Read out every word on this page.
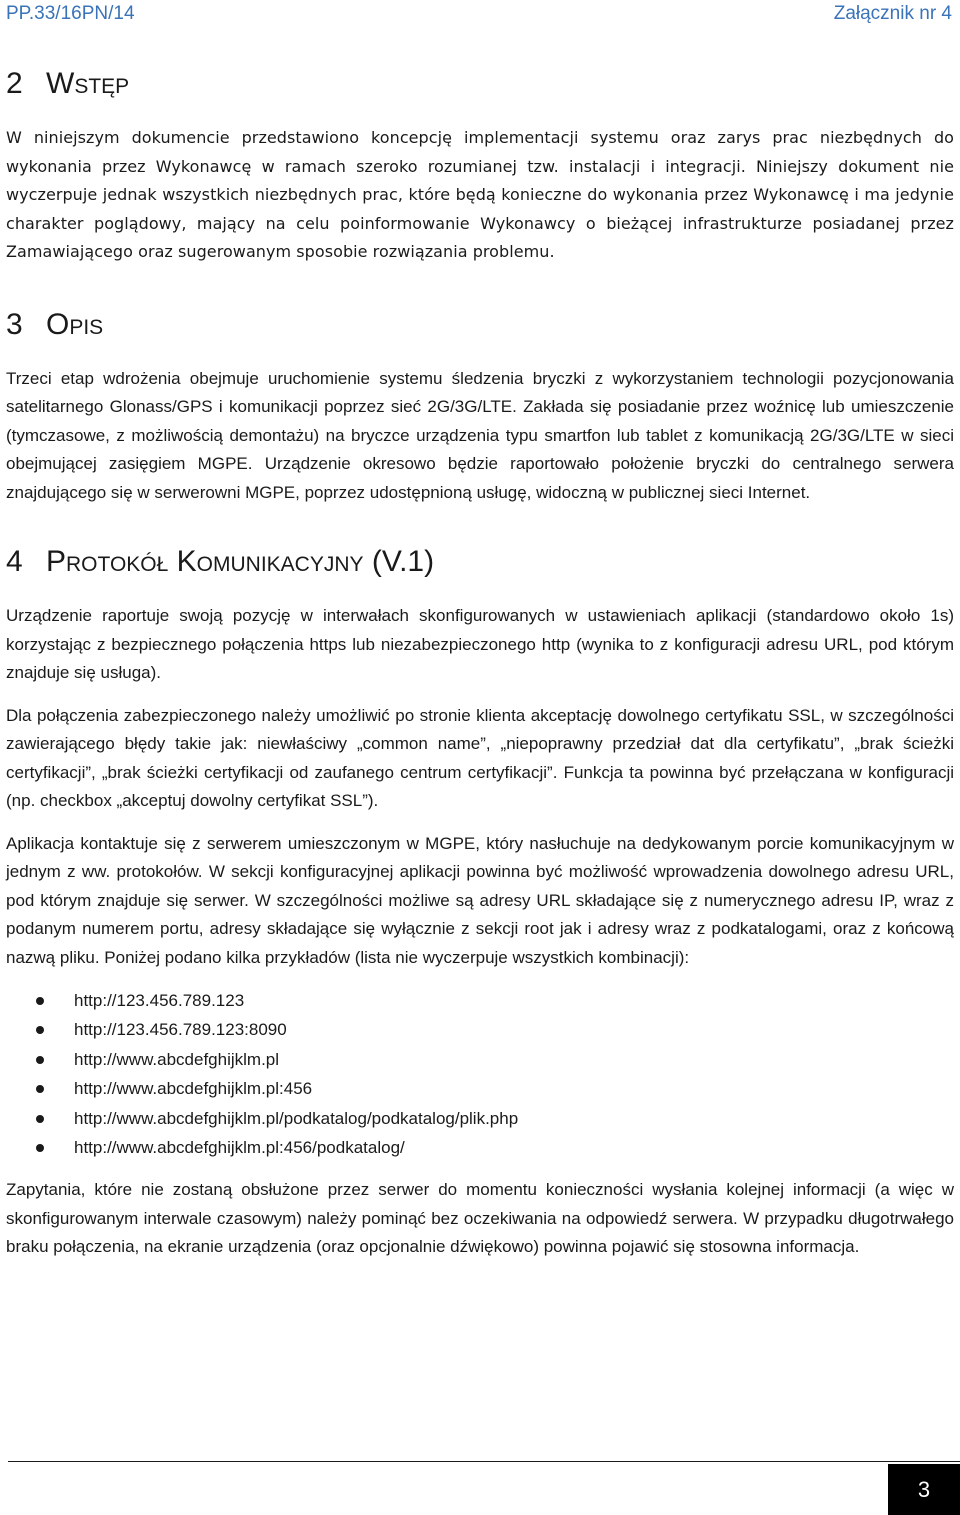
PP.33/16PN/14	Załącznik nr 4
2 Wstęp

W niniejszym dokumencie przedstawiono koncepcję implementacji systemu oraz zarys prac niezbędnych do wykonania przez Wykonawcę w ramach szeroko rozumianej tzw. instalacji i integracji. Niniejszy dokument nie wyczerpuje jednak wszystkich niezbędnych prac, które będą konieczne do wykonania przez Wykonawcę i ma jedynie charakter poglądowy, mający na celu poinformowanie Wykonawcy o bieżącej infrastrukturze posiadanej przez Zamawiającego oraz sugerowanym sposobie rozwiązania problemu.

3 Opis

Trzeci etap wdrożenia obejmuje uruchomienie systemu śledzenia bryczki z wykorzystaniem technologii pozycjonowania satelitarnego Glonass/GPS i komunikacji poprzez sieć 2G/3G/LTE. Zakłada się posiadanie przez woźnicę lub umieszczenie (tymczasowe, z możliwością demontażu) na bryczce urządzenia typu smartfon lub tablet z komunikacją 2G/3G/LTE w sieci obejmującej zasięgiem MGPE. Urządzenie okresowo będzie raportowało położenie bryczki do centralnego serwera znajdującego się w serwerowni MGPE, poprzez udostępnioną usługę, widoczną w publicznej sieci Internet.

4 Protokół Komunikacyjny (V.1)

Urządzenie raportuje swoją pozycję w interwałach skonfigurowanych w ustawieniach aplikacji (standardowo około 1s) korzystając z bezpiecznego połączenia https lub niezabezpieczonego http (wynika to z konfiguracji adresu URL, pod którym znajduje się usługa).

Dla połączenia zabezpieczonego należy umożliwić po stronie klienta akceptację dowolnego certyfikatu SSL, w szczególności zawierającego błędy takie jak: niewłaściwy „common name”, „niepoprawny przedział dat dla certyfikatu”, „brak ścieżki certyfikacji”, „brak ścieżki certyfikacji od zaufanego centrum certyfikacji”. Funkcja ta powinna być przełączana w konfiguracji (np. checkbox „akceptuj dowolny certyfikat SSL”).

Aplikacja kontaktuje się z serwerem umieszczonym w MGPE, który nasłuchuje na dedykowanym porcie komunikacyjnym w jednym z ww. protokołów. W sekcji konfiguracyjnej aplikacji powinna być możliwość wprowadzenia dowolnego adresu URL, pod którym znajduje się serwer. W szczególności możliwe są adresy URL składające się z numerycznego adresu IP, wraz z podanym numerem portu, adresy składające się wyłącznie z sekcji root jak i adresy wraz z podkatalogami, oraz z końcową nazwą pliku. Poniżej podano kilka przykładów (lista nie wyczerpuje wszystkich kombinacji):

http://123.456.789.123
http://123.456.789.123:8090
http://www.abcdefghijklm.pl
http://www.abcdefghijklm.pl:456
http://www.abcdefghijklm.pl/podkatalog/podkatalog/plik.php
http://www.abcdefghijklm.pl:456/podkatalog/

Zapytania, które nie zostaną obsłużone przez serwer do momentu konieczności wysłania kolejnej informacji (a więc w skonfigurowanym interwale czasowym) należy pominąć bez oczekiwania na odpowiedź serwera. W przypadku długotrwałego braku połączenia, na ekranie urządzenia (oraz opcjonalnie dźwiękowo) powinna pojawić się stosowna informacja.

3
